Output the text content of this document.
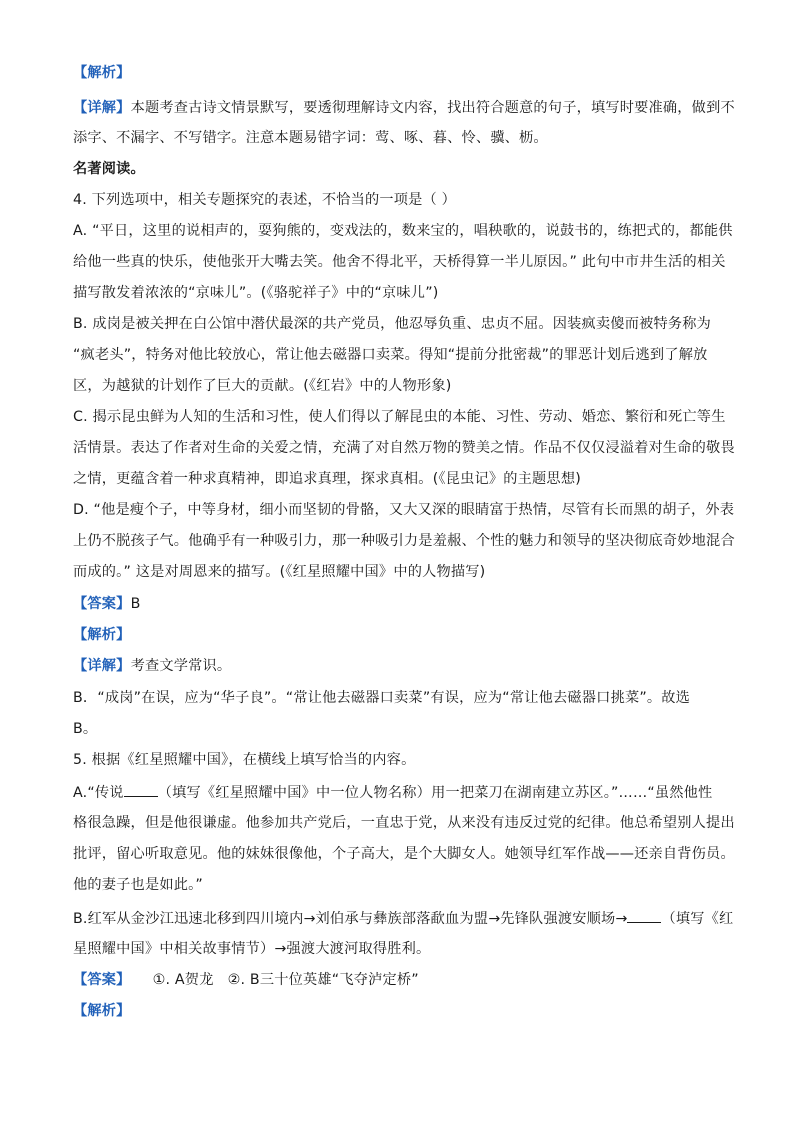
【解析】
【详解】本题考查古诗文情景默写，要透彻理解诗文内容，找出符合题意的句子，填写时要准确，做到不
添字、不漏字、不写错字。注意本题易错字词：莺、啄、暮、怜、骥、枥。
名著阅读。
4. 下列选项中，相关专题探究的表述，不恰当的一项是（ ）
A. “平日，这里的说相声的，耍狗熊的，变戏法的，数来宝的，唱秧歌的，说鼓书的，练把式的，都能供
给他一些真的快乐，使他张开大嘴去笑。他舍不得北平，天桥得算一半儿原因。” 此句中市井生活的相关
描写散发着浓浓的“京味儿”。(《骆驼祥子》中的“京味儿”)
B. 成岗是被关押在白公馆中潜伏最深的共产党员，他忍辱负重、忠贞不屈。因装疯卖傻而被特务称为
“疯老头”，特务对他比较放心，常让他去磁器口卖菜。得知“提前分批密裁”的罪恶计划后逃到了解放
区，为越狱的计划作了巨大的贡献。(《红岩》中的人物形象)
C. 揭示昆虫鲜为人知的生活和习性，使人们得以了解昆虫的本能、习性、劳动、婚恋、繁衍和死亡等生
活情景。表达了作者对生命的关爱之情，充满了对自然万物的赞美之情。作品不仅仅浸溢着对生命的敬畏
之情，更蕴含着一种求真精神，即追求真理，探求真相。(《昆虫记》的主题思想)
D. “他是瘦个子，中等身材，细小而坚韧的骨骼，又大又深的眼睛富于热情，尽管有长而黑的胡子，外表
上仍不脱孩子气。他确乎有一种吸引力，那一种吸引力是羞赧、个性的魅力和领导的坚决彻底奇妙地混合
而成的。” 这是对周恩来的描写。(《红星照耀中国》中的人物描写)
【答案】B
【解析】
【详解】考查文学常识。
B．“成岗”在误，应为“华子良”。“常让他去磁器口卖菜”有误，应为“常让他去磁器口挑菜”。故选
B。
5. 根据《红星照耀中国》，在横线上填写恰当的内容。
A.“传说 （填写《红星照耀中国》中一位人物名称）用一把菜刀在湖南建立苏区。”……“虽然他性
格很急躁，但是他很谦虚。他参加共产党后，一直忠于党，从来没有违反过党的纪律。他总希望别人提出
批评，留心听取意见。他的妹妹很像他，个子高大，是个大脚女人。她领导红军作战——还亲自背伤员。
他的妻子也是如此。”
B.红军从金沙江迅速北移到四川境内→刘伯承与彝族部落歃血为盟→先锋队强渡安顺场→ （填写《红
星照耀中国》中相关故事情节）→强渡大渡河取得胜利。
【答案】 ①. A贺龙 ②. B三十位英雄“飞夺泸定桥”
【解析】
